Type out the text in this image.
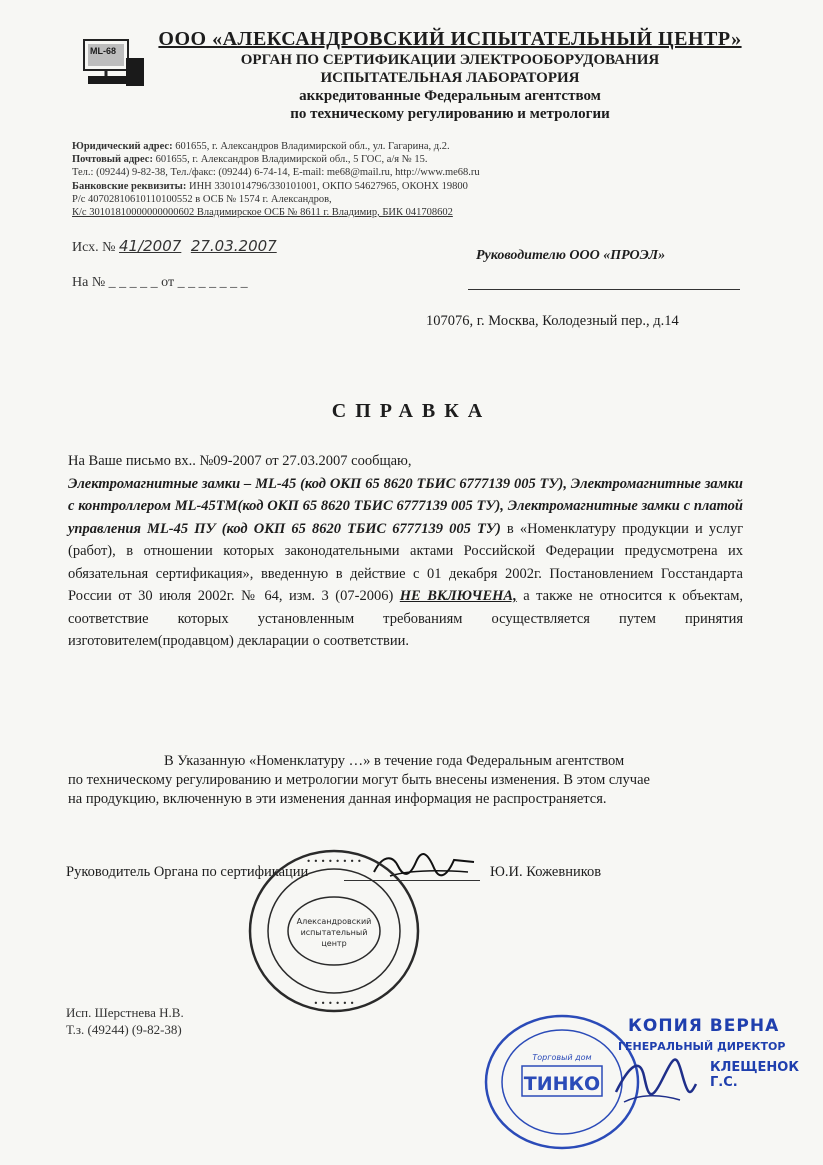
ML-68
ООО «АЛЕКСАНДРОВСКИЙ ИСПЫТАТЕЛЬНЫЙ ЦЕНТР»
ОРГАН ПО СЕРТИФИКАЦИИ ЭЛЕКТРООБОРУДОВАНИЯ
ИСПЫТАТЕЛЬНАЯ ЛАБОРАТОРИЯ
аккредитованные Федеральным агентством
по техническому регулированию и метрологии
Юридический адрес: 601655, г. Александров Владимирской обл., ул. Гагарина, д.2.
Почтовый адрес: 601655, г. Александров Владимирской обл., 5 ГОС, а/я № 15.
Тел.: (09244) 9-82-38, Тел./факс: (09244) 6-74-14, E-mail: me68@mail.ru, http://www.me68.ru
Банковские реквизиты: ИНН 3301014796/330101001, ОКПО 54627965, ОКОНХ 19800
Р/с 40702810610110100552 в ОСБ № 1574 г. Александров,
К/с 30101810000000000602 Владимирское ОСБ № 8611 г. Владимир, БИК 041708602
Исх. № 41/2007 27.03.2007
На № _ _ _ _ _ от _ _ _ _ _ _ _
Руководителю ООО «ПРОЭЛ»
107076, г. Москва, Колодезный пер., д.14
СПРАВКА
На Ваше письмо вх.. №09-2007 от 27.03.2007 сообщаю,
Электромагнитные замки – ML-45 (код ОКП 65 8620 ТБИС 6777139 005 ТУ), Электромагнитные замки с контроллером ML-45ТМ(код ОКП 65 8620 ТБИС 6777139 005 ТУ), Электромагнитные замки с платой управления ML-45 ПУ (код ОКП 65 8620 ТБИС 6777139 005 ТУ) в «Номенклатуру продукции и услуг (работ), в отношении которых законодательными актами Российской Федерации предусмотрена их обязательная сертификация», введенную в действие с 01 декабря 2002г. Постановлением Госстандарта России от 30 июля 2002г. № 64, изм. 3 (07-2006) НЕ ВКЛЮЧЕНА, а также не относится к объектам, соответствие которых установленным требованиям осуществляется путем принятия изготовителем(продавцом) декларации о соответствии.
В Указанную «Номенклатуру …» в течение года Федеральным агентством
по техническому регулированию и метрологии могут быть внесены изменения. В этом случае
на продукцию, включенную в эти изменения данная информация не распространяется.
Руководитель Органа по сертификации	Ю.И. Кожевников
• • • • • • • •
• • • • • •
Александровский
испытательный
центр
Исп. Шерстнева Н.В.
Т.з. (49244) (9-82-38)
Торговый дом
ТИНКО
КОПИЯ ВЕРНА
ГЕНЕРАЛЬНЫЙ ДИРЕКТОР
КЛЕЩЕНОК Г.С.
